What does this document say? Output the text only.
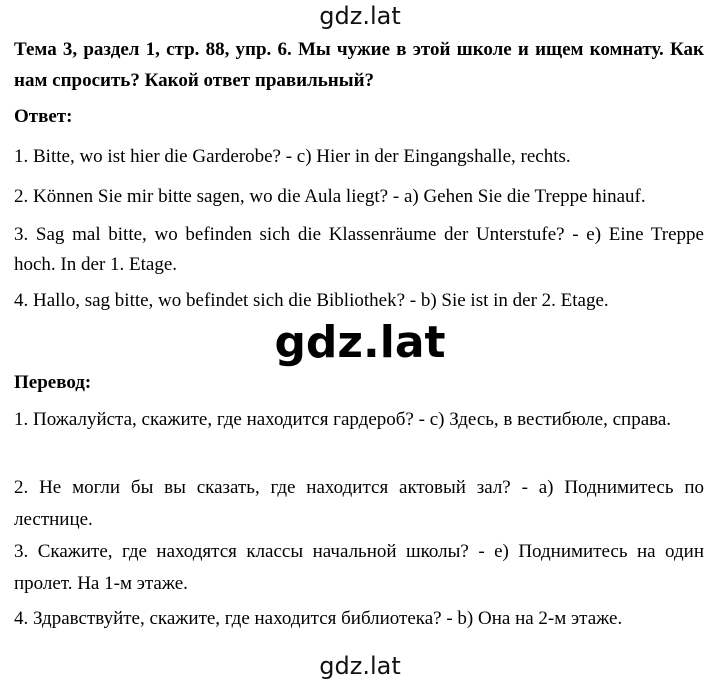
gdz.lat
Тема 3, раздел 1, стр. 88, упр. 6. Мы чужие в этой школе и ищем комнату. Как нам спросить? Какой ответ правильный?
Ответ:
1. Bitte, wo ist hier die Garderobe? - c) Hier in der Eingangshalle, rechts.
2. Können Sie mir bitte sagen, wo die Aula liegt? - a) Gehen Sie die Treppe hinauf.
3. Sag mal bitte, wo befinden sich die Klassenräume der Unterstufe? - e) Eine Treppe hoch. In der 1. Etage.
4. Hallo, sag bitte, wo befindet sich die Bibliothek? - b) Sie ist in der 2. Etage.
gdz.lat
Перевод:
1. Пожалуйста, скажите, где находится гардероб? - c) Здесь, в вестибюле, справа.
2. Не могли бы вы сказать, где находится актовый зал? - a) Поднимитесь по лестнице.
3. Скажите, где находятся классы начальной школы? - e) Поднимитесь на один пролет. На 1-м этаже.
4. Здравствуйте, скажите, где находится библиотека? - b) Она на 2-м этаже.
gdz.lat
